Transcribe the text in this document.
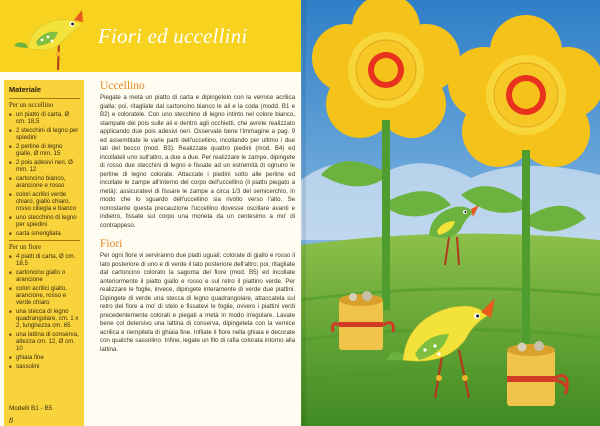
Fiori ed uccellini
Materiale
Per un uccellino
■ un piatto di carta, Ø cm. 18,5
■ 2 stecchini di legno per spiedini
■ 2 perline di legno gialle, Ø mm. 15
■ 2 pois adesivi neri, Ø mm. 12
■ cartoncino bianco, arancione e rosso
■ colori acrilici verde chiaro, giallo chiaro, rosso ciliegia e bianco
■ uno stecchino di legno per spiedini
■ carta smerigliata
Per un fiore
■ 4 piatti di carta, Ø cm. 18,5
■ cartoncino giallo o arancione
■ colori acrilici giallo, arancione, rosso e verde chiaro
■ una stecca di legno quadrangolare, cm. 1 x 2, lunghezza cm. 65
■ una lattina di conserva, altezza cm. 12, Ø cm. 10
■ ghiaia fine
■ sassolini
Modelli B1 - B5
8
Uccellino

Piegate a metà un piatto di carta e dipingetelo con la vernice acrilica gialla; poi, ritagliate dal cartoncino bianco le ali e la coda (modd. B1 e B2) e coloratele. Con uno stecchino di legno intinto nel colore bianco, stampate dei pois sulle ali e dentro agli occhietti, che avrete realizzato applicando due pois adesivi neri. Osservate bene l'immagine a pag. 9 ed assemblate le varie parti dell'uccellino, incollando per ultimo i due lati del becco (mod. B3). Realizzate quattro piedini (mod. B4) ed incollateli uno sull'altro, a due a due. Per realizzare le zampe, dipingete di rosso due stecchini di legno e fissate ad un estremità di ognuno le perline di legno colorate. Attaccate i piedini sotto alle perline ed incollate le zampe all'interno del corpo dell'uccellino (il piatto piegato a metà): assicuratevi di fissare le zampe a circa 1/3 del semicerchio, in modo che lo sguardo dell'uccellino sia rivolto verso l'alto. Se nonostante questa precauzione l'uccellino dovesse oscillare avanti e indietro, fissate sul corpo una moneta da un centesimo a mo' di contrappeso.

Fiori

Per ogni fiore vi serviranno due piatti uguali: colorate di giallo e rosso il lato posteriore di uno e di verde il lato posteriore dell'altro; poi, ritagliate dal cartoncino colorato la sagoma del fiore (mod. B5) ed incollate anteriormente il piatto giallo e rosso e sul retro il piattino verde. Per realizzare le foglie, invece, dipingete interamente di verde due piattini. Dipingete di verde una stecca di legno quadrangolare, attaccatela sul retro del fiore a mo' di stelo e fissatevi le foglie, ovvero i piattini verdi precedentemente colorati e piegati a metà in modo irregolare. Lavate bene col detersivo una lattina di conserva, dipingetela con la vernice acrilica e riempitela di ghiaia fine. Infilate il fiore nella ghiaia e decorate con qualche sassolino. Infine, legate un filo di rafia colorata intorno alla lattina.
